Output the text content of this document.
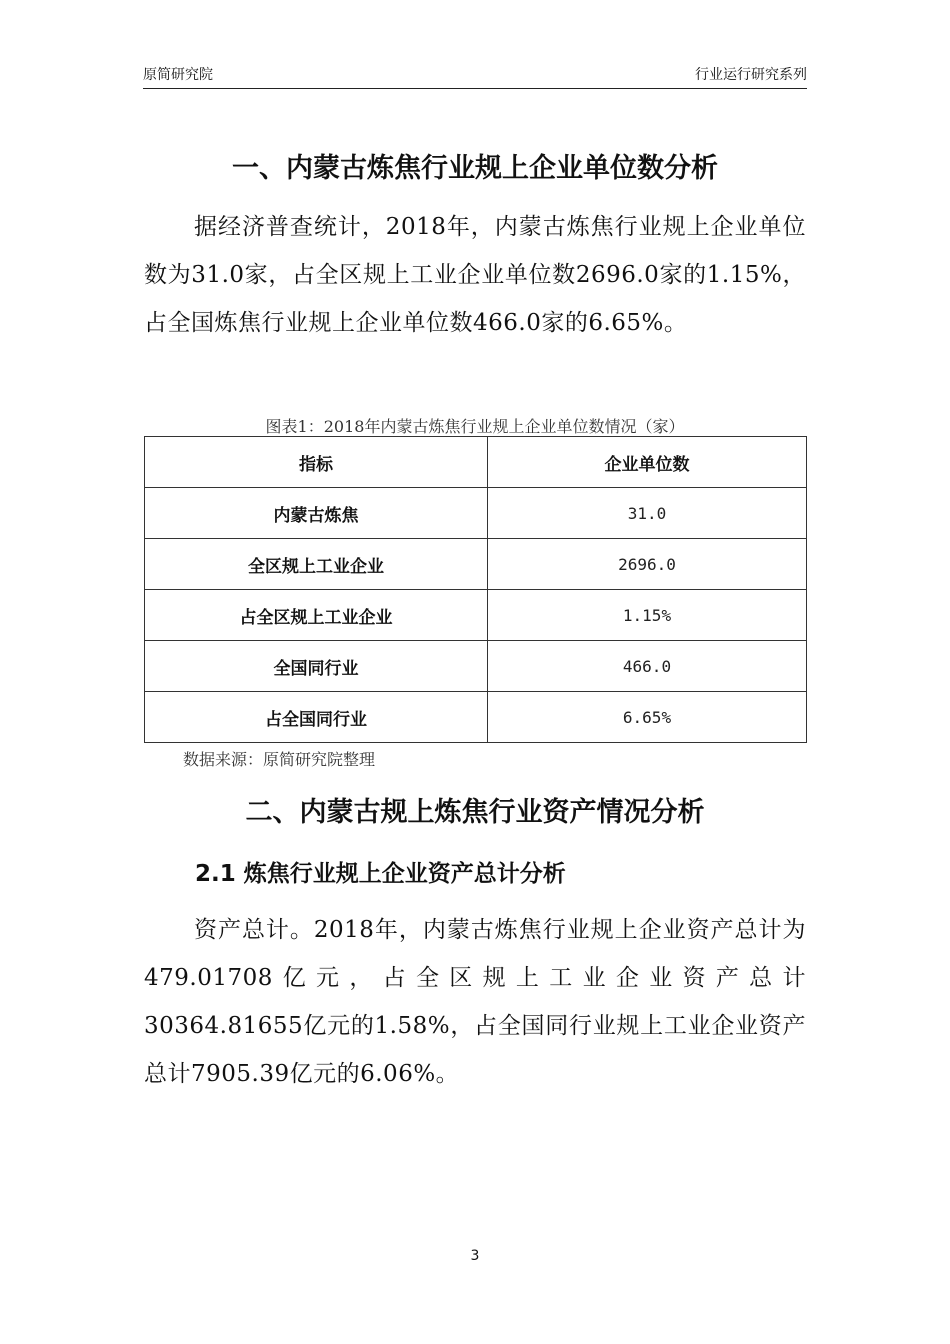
原简研究院	行业运行研究系列
一、内蒙古炼焦行业规上企业单位数分析

据经济普查统计，2018年，内蒙古炼焦行业规上企业单位数为31.0家，占全区规上工业企业单位数2696.0家的1.15%，占全国炼焦行业规上企业单位数466.0家的6.65%。

图表1：2018年内蒙古炼焦行业规上企业单位数情况（家）
指标	企业单位数
内蒙古炼焦	31.0
全区规上工业企业	2696.0
占全区规上工业企业	1.15%
全国同行业	466.0
占全国同行业	6.65%
数据来源：原简研究院整理
二、内蒙古规上炼焦行业资产情况分析
2.1 炼焦行业规上企业资产总计分析

资产总计。2018年，内蒙古炼焦行业规上企业资产总计为479.01708亿元，占全区规上工业企业资产总计30364.81655亿元的1.58%，占全国同行业规上工业企业资产总计7905.39亿元的6.06%。

3
